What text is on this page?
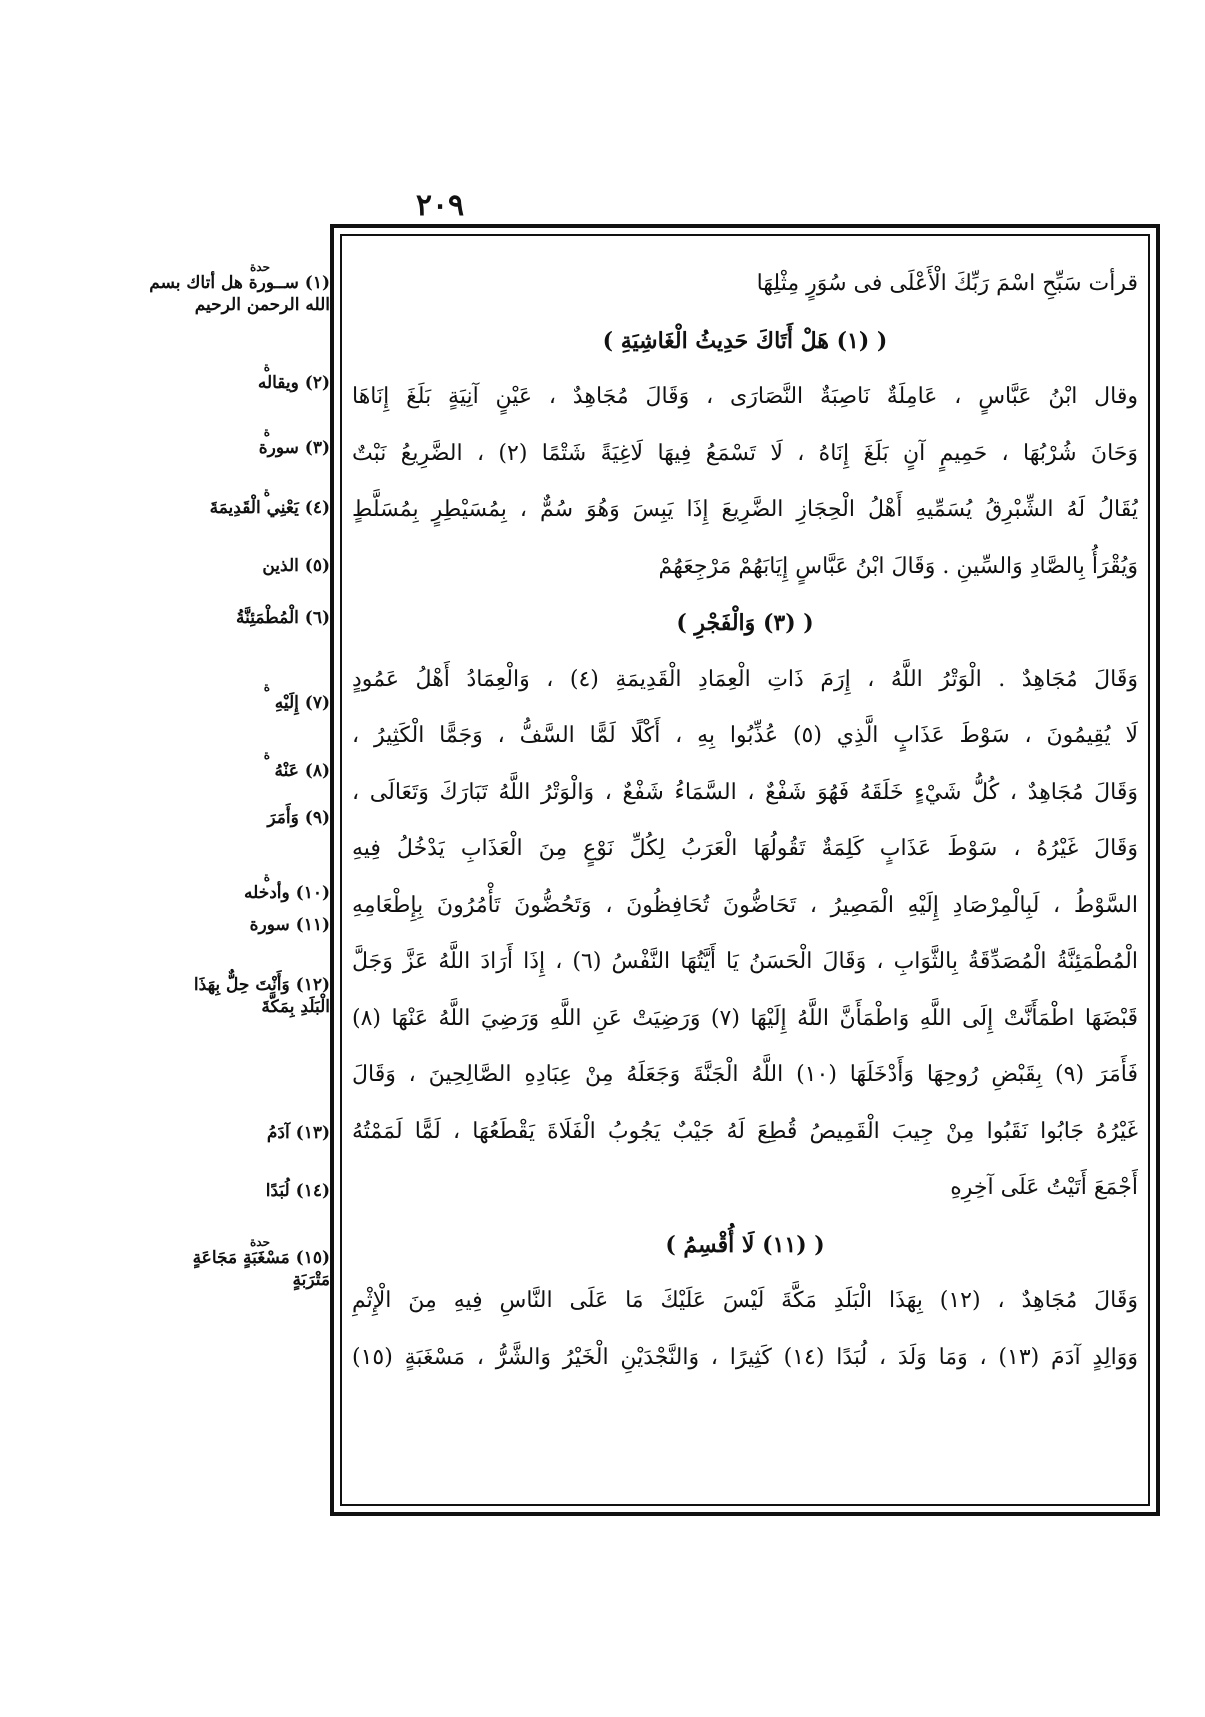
٢٠٩
قرأت سَبِّحِ اسْمَ رَبِّكَ الْأَعْلَى فى سُوَرٍ مِثْلِهَا
( (١) هَلْ أَتَاكَ حَدِيثُ الْغَاشِيَةِ )
وقال ابْنُ عَبَّاسٍ ، عَامِلَةٌ نَاصِبَةٌ النَّصَارَى ، وَقَالَ مُجَاهِدٌ ، عَيْنٍ آنِيَةٍ بَلَغَ إِنَاهَا
وَحَانَ شُرْبُهَا ، حَمِيمٍ آنٍ بَلَغَ إِنَاهُ ، لَا تَسْمَعُ فِيهَا لَاغِيَةً شَتْمًا (٢) ، الضَّرِيعُ نَبْتٌ
يُقَالُ لَهُ الشِّبْرِقُ يُسَمِّيهِ أَهْلُ الْحِجَازِ الضَّرِيعَ إِذَا يَبِسَ وَهُوَ سُمٌّ ، بِمُسَيْطِرٍ بِمُسَلَّطٍ
وَيُقْرَأُ بِالصَّادِ وَالسِّينِ . وَقَالَ ابْنُ عَبَّاسٍ إِيَابَهُمْ مَرْجِعَهُمْ
( (٣) وَالْفَجْرِ )
وَقَالَ مُجَاهِدٌ . الْوَتْرُ اللَّهُ ، إِرَمَ ذَاتِ الْعِمَادِ الْقَدِيمَةِ (٤) ، وَالْعِمَادُ أَهْلُ عَمُودٍ
لَا يُقِيمُونَ ، سَوْطَ عَذَابٍ الَّذِي (٥) عُذِّبُوا بِهِ ، أَكْلًا لَمًّا السَّفُّ ، وَجَمًّا الْكَثِيرُ ،
وَقَالَ مُجَاهِدٌ ، كُلُّ شَيْءٍ خَلَقَهُ فَهُوَ شَفْعٌ ، السَّمَاءُ شَفْعٌ ، وَالْوَتْرُ اللَّهُ تَبَارَكَ وَتَعَالَى ،
وَقَالَ غَيْرُهُ ، سَوْطَ عَذَابٍ كَلِمَةٌ تَقُولُهَا الْعَرَبُ لِكُلِّ نَوْعٍ مِنَ الْعَذَابِ يَدْخُلُ فِيهِ
السَّوْطُ ، لَبِالْمِرْصَادِ إِلَيْهِ الْمَصِيرُ ، تَحَاضُّونَ تُحَافِظُونَ ، وَتَحُضُّونَ تَأْمُرُونَ بِإِطْعَامِهِ
الْمُطْمَئِنَّةُ الْمُصَدِّقَةُ بِالثَّوَابِ ، وَقَالَ الْحَسَنُ يَا أَيَّتُهَا النَّفْسُ (٦) ، إِذَا أَرَادَ اللَّهُ عَزَّ وَجَلَّ
قَبْضَهَا اطْمَأَنَّتْ إِلَى اللَّهِ وَاطْمَأَنَّ اللَّهُ إِلَيْهَا (٧) وَرَضِيَتْ عَنِ اللَّهِ وَرَضِيَ اللَّهُ عَنْهَا (٨)
فَأَمَرَ (٩) بِقَبْضِ رُوحِهَا وَأَدْخَلَهَا (١٠) اللَّهُ الْجَنَّةَ وَجَعَلَهُ مِنْ عِبَادِهِ الصَّالِحِينَ ، وَقَالَ
غَيْرُهُ جَابُوا نَقَبُوا مِنْ جِيبَ الْقَمِيصُ قُطِعَ لَهُ جَيْبٌ يَجُوبُ الْفَلَاةَ يَقْطَعُهَا ، لَمًّا لَمَمْتُهُ
أَجْمَعَ أَتَيْتُ عَلَى آخِرِهِ
( (١١) لَا أُقْسِمُ )
وَقَالَ مُجَاهِدٌ ، (١٢) بِهَذَا الْبَلَدِ مَكَّةَ لَيْسَ عَلَيْكَ مَا عَلَى النَّاسِ فِيهِ مِنَ الْإِثْمِ
وَوَالِدٍ آدَمَ (١٣) ، وَمَا وَلَدَ ، لُبَدًا (١٤) كَثِيرًا ، وَالنَّجْدَيْنِ الْخَيْرُ وَالشَّرُّ ، مَسْغَبَةٍ (١٥)
حدة
(١) ســورة هل أتاك بسم
الله الرحمن الرحيم
ة
(٢) ويقاله
ة
(٣) سورة
ة
(٤) يَعْنِي الْقَدِيمَةَ
(٥) الذين
(٦) الْمُطْمَئِنَّةُ
ة
(٧) إِلَيْهِ
ة
(٨) عَنْهُ
(٩) وَأَمَرَ
ة
(١٠) وأدخله
(١١) سورة
(١٢) وَأَنْتَ حِلٌّ بِهَذَا
الْبَلَدِ بِمَكَّةَ
(١٣) آدَمُ
(١٤) لُبَدًا
حدة
(١٥) مَسْغَبَةٍ مَجَاعَةٍ
مَتْرَبَةٍ
